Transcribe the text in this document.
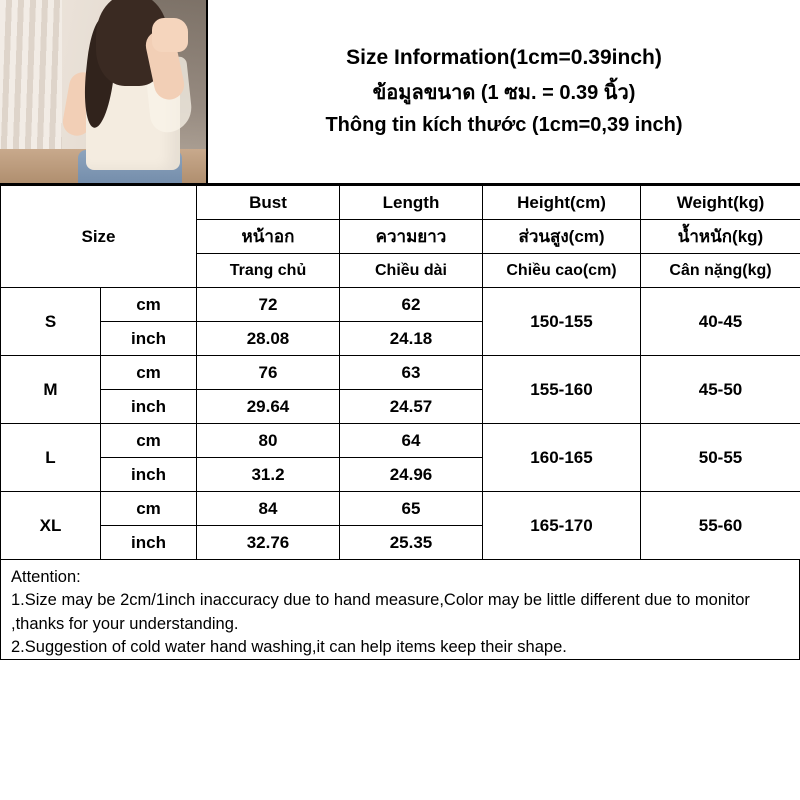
Size Information(1cm=0.39inch)
ข้อมูลขนาด (1 ซม. = 0.39 นิ้ว)
Thông tin kích thước (1cm=0,39 inch)
Size		Bust	Length	Height(cm)	Weight(kg)
		หน้าอก	ความยาว	ส่วนสูง(cm)	น้ำหนัก(kg)
		Trang chủ	Chiều dài	Chiều cao(cm)	Cân nặng(kg)
S	cm	72	62	150-155	40-45
	inch	28.08	24.18		
M	cm	76	63	155-160	45-50
	inch	29.64	24.57		
L	cm	80	64	160-165	50-55
	inch	31.2	24.96		
XL	cm	84	65	165-170	55-60
	inch	32.76	25.35		
Attention:
1.Size may be 2cm/1inch inaccuracy due to hand measure,Color may be little different due to monitor ,thanks for your understanding.
2.Suggestion of cold water hand washing,it can help items keep their shape.
